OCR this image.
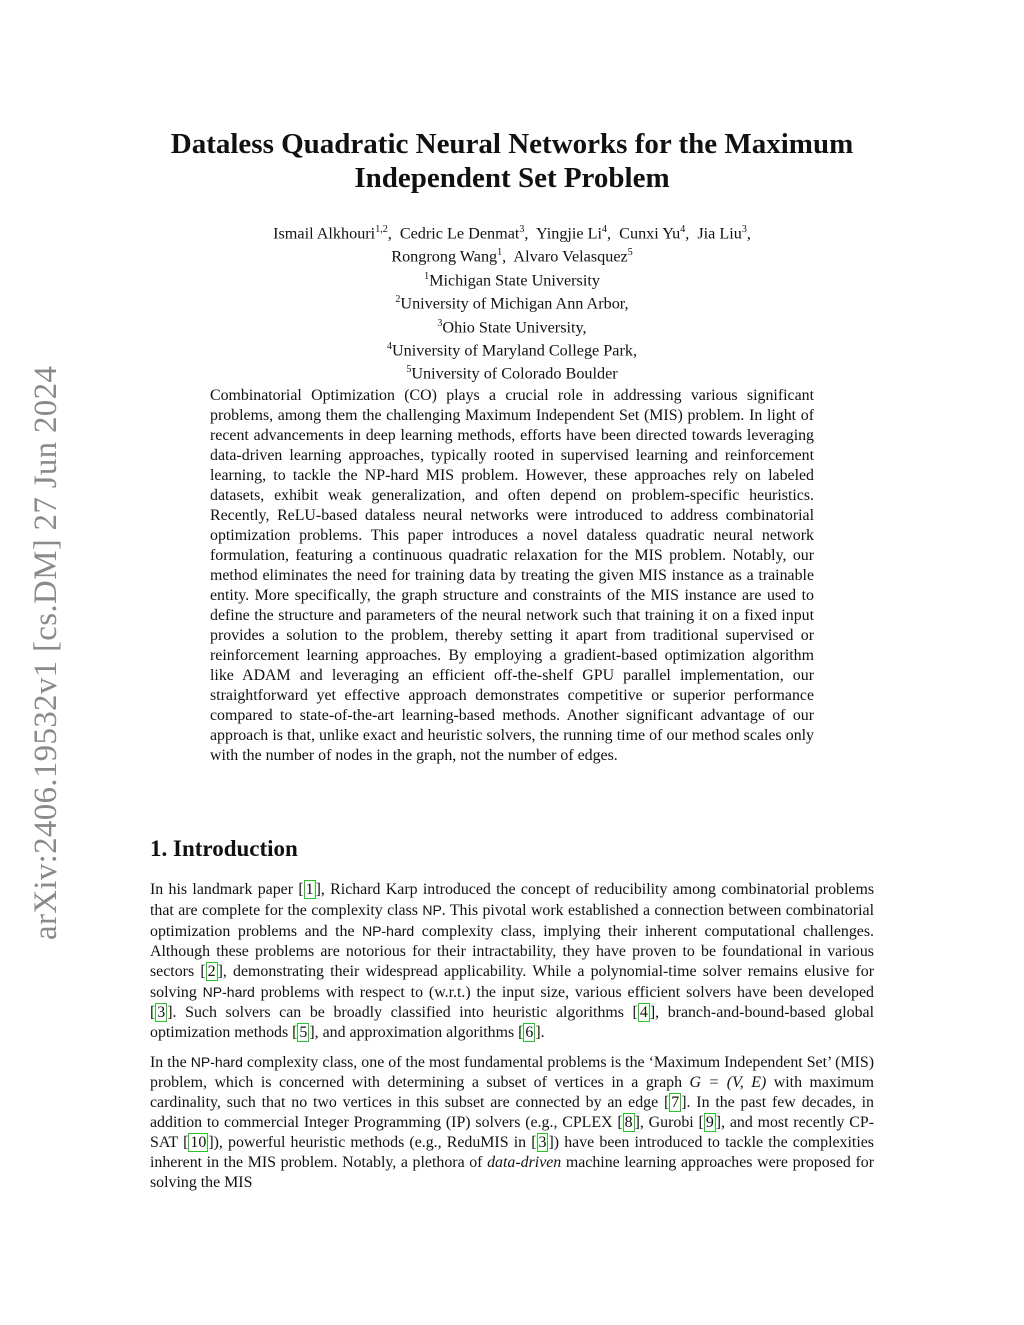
arXiv:2406.19532v1 [cs.DM] 27 Jun 2024
Dataless Quadratic Neural Networks for the Maximum
Independent Set Problem
Ismail Alkhouri$^{1,2}$,  Cedric Le Denmat$^3$,  Yingjie Li$^4$,  Cunxi Yu$^4$,  Jia Liu$^3$,
Rongrong Wang$^1$,  Alvaro Velasquez$^5$
$^1$Michigan State University
$^2$University of Michigan Ann Arbor,
$^3$Ohio State University,
$^4$University of Maryland College Park,
$^5$University of Colorado Boulder
Combinatorial Optimization (CO) plays a crucial role in addressing various significant problems, among them the challenging Maximum Independent Set (MIS) problem. In light of recent advancements in deep learning methods, efforts have been directed towards leveraging data-driven learning approaches, typically rooted in supervised learning and reinforcement learning, to tackle the NP-hard MIS problem. However, these approaches rely on labeled datasets, exhibit weak generalization, and often depend on problem-specific heuristics. Recently, ReLU-based dataless neural networks were introduced to address combinatorial optimization problems. This paper introduces a novel dataless quadratic neural network formulation, featuring a continuous quadratic relaxation for the MIS problem. Notably, our method eliminates the need for training data by treating the given MIS instance as a trainable entity. More specifically, the graph structure and constraints of the MIS instance are used to define the structure and parameters of the neural network such that training it on a fixed input provides a solution to the problem, thereby setting it apart from traditional supervised or reinforcement learning approaches. By employing a gradient-based optimization algorithm like ADAM and leveraging an efficient off-the-shelf GPU parallel implementation, our straightforward yet effective approach demonstrates competitive or superior performance compared to state-of-the-art learning-based methods. Another significant advantage of our approach is that, unlike exact and heuristic solvers, the running time of our method scales only with the number of nodes in the graph, not the number of edges.
1. Introduction

In his landmark paper [ 1 ], Richard Karp introduced the concept of reducibility among combinatorial problems that are complete for the complexity class NP. This pivotal work established a connection between combinatorial optimization problems and the NP-hard complexity class, implying their inherent computational challenges. Although these problems are notorious for their intractability, they have proven to be foundational in various sectors [ 2 ], demonstrating their widespread applicability. While a polynomial-time solver remains elusive for solving NP-hard problems with respect to (w.r.t.) the input size, various efficient solvers have been developed [ 3 ]. Such solvers can be broadly classified into heuristic algorithms [ 4 ], branch-and-bound-based global optimization methods [ 5 ], and approximation algorithms [ 6 ].

In the NP-hard complexity class, one of the most fundamental problems is the ‘Maximum Independent Set’ (MIS) problem, which is concerned with determining a subset of vertices in a graph G = (V, E) with maximum cardinality, such that no two vertices in this subset are connected by an edge [ 7 ]. In the past few decades, in addition to commercial Integer Programming (IP) solvers (e.g., CPLEX [ 8 ], Gurobi [ 9 ], and most recently CP-SAT [ 10 ]), powerful heuristic methods (e.g., ReduMIS in [ 3 ]) have been introduced to tackle the complexities inherent in the MIS problem. Notably, a plethora of data-driven machine learning approaches were proposed for solving the MIS
